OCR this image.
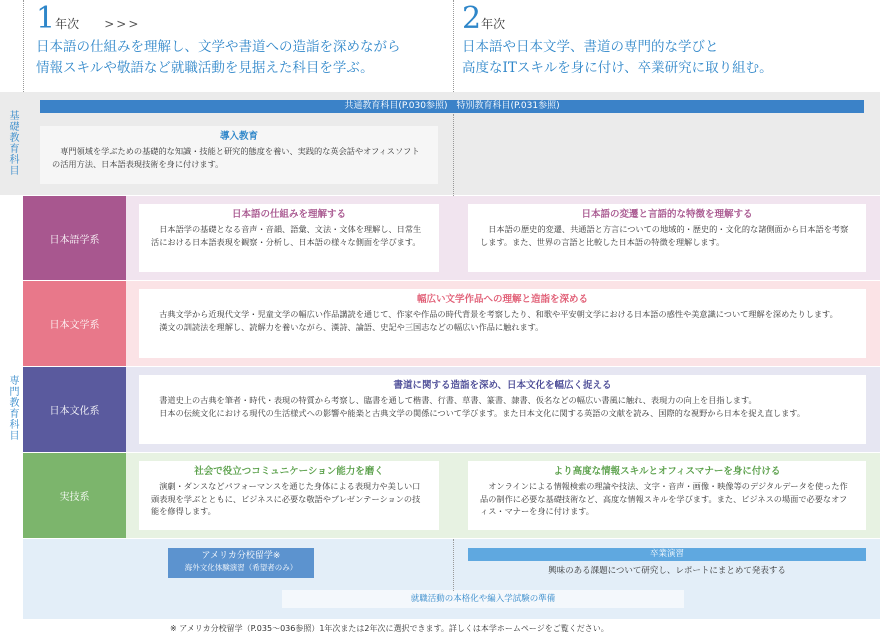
1年次 >>>
日本語の仕組みを理解し、文学や書道への造詣を深めながら
情報スキルや敬語など就職活動を見据えた科目を学ぶ。
2年次
日本語や日本文学、書道の専門的な学びと
高度なITスキルを身に付け、卒業研究に取り組む。
基礎教育科目
共通教育科目(P.030参照)　特別教育科目(P.031参照)
導入教育
専門領域を学ぶための基礎的な知識・技能と研究的態度を養い、実践的な英会話やオフィスソフトの活用方法、日本語表現技術を身に付けます。
専門教育科目
日本語学系
日本語の仕組みを理解する
日本語学の基礎となる音声・音韻、語彙、文法・文体を理解し、日常生活における日本語表現を観察・分析し、日本語の様々な側面を学びます。
日本語の変遷と言語的な特徴を理解する
日本語の歴史的変遷、共通語と方言についての地域的・歴史的・文化的な諸側面から日本語を考察します。また、世界の言語と比較した日本語の特徴を理解します。
日本文学系
幅広い文学作品への理解と造詣を深める
古典文学から近現代文学・児童文学の幅広い作品講読を通じて、作家や作品の時代背景を考察したり、和歌や平安朝文学における日本語の感性や美意識について理解を深めたりします。
漢文の訓読法を理解し、読解力を養いながら、漢詩、論語、史記や三国志などの幅広い作品に触れます。
日本文化系
書道に関する造詣を深め、日本文化を幅広く捉える
書道史上の古典を筆者・時代・表現の特質から考察し、臨書を通して楷書、行書、草書、篆書、隷書、仮名などの幅広い書風に触れ、表現力の向上を目指します。
日本の伝統文化における現代の生活様式への影響や能楽と古典文学の関係について学びます。また日本文化に関する英語の文献を読み、国際的な視野から日本を捉え直します。
実技系
社会で役立つコミュニケーション能力を磨く
演劇・ダンスなどパフォーマンスを通じた身体による表現力や美しい口頭表現を学ぶとともに、ビジネスに必要な敬語やプレゼンテーションの技能を修得します。
より高度な情報スキルとオフィスマナーを身に付ける
オンラインによる情報検索の理論や技法、文字・音声・画像・映像等のデジタルデータを使った作品の制作に必要な基礎技術など、高度な情報スキルを学びます。また、ビジネスの場面で必要なオフィス・マナーを身に付けます。
アメリカ分校留学※
海外文化体験演習（希望者のみ）
卒業演習
興味のある課題について研究し、レポートにまとめて発表する
就職活動の本格化や編入学試験の準備
※ アメリカ分校留学（P.035〜036参照）1年次または2年次に選択できます。詳しくは本学ホームページをご覧ください。
